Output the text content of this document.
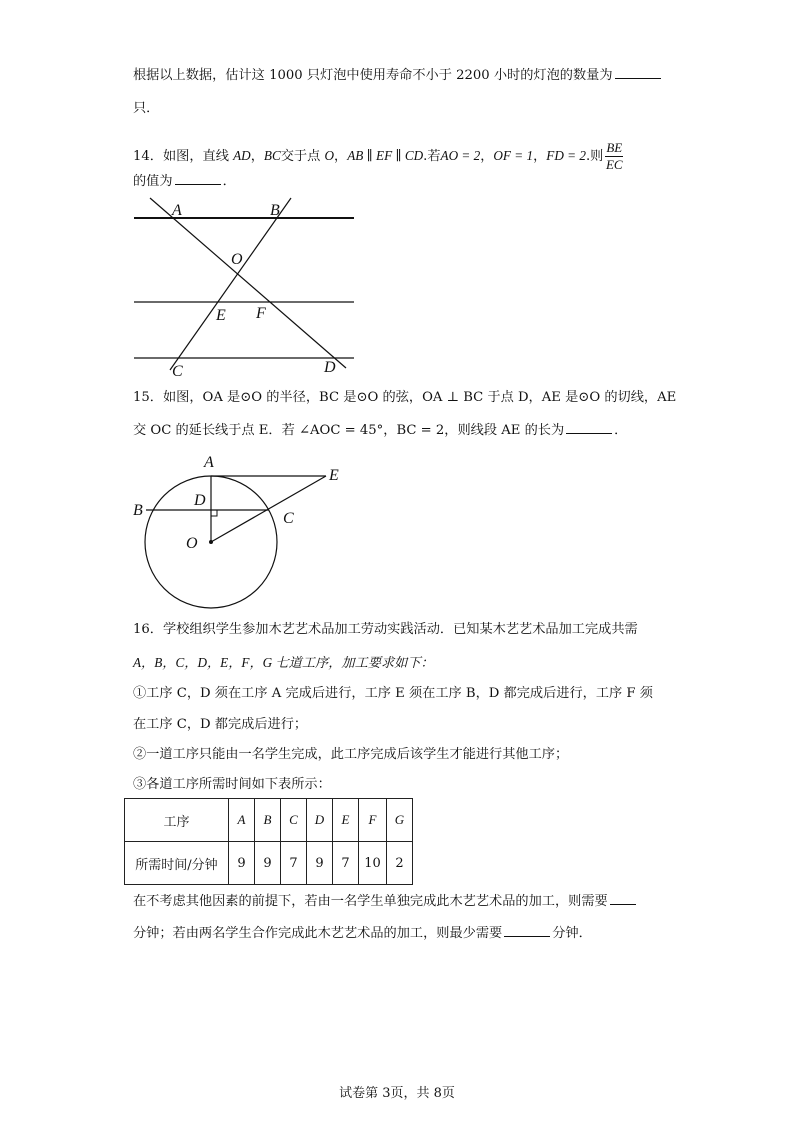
根据以上数据，估计这 1000 只灯泡中使用寿命不小于 2200 小时的灯泡的数量为
只．
14．如图，直线 AD，BC交于点 O，AB ∥ EF ∥ CD.若AO = 2，OF = 1，FD = 2.则 $\frac{BE}{EC}$
的值为	．
A	B
O
E F
C	D
15．如图，OA 是⊙O 的半径，BC 是⊙O 的弦，OA ⊥ BC 于点 D，AE 是⊙O 的切线，AE
交 OC 的延长线于点 E．若 ∠AOC = 45°，BC = 2，则线段 AE 的长为	．
A
E
B
D
C
O
16．学校组织学生参加木艺艺术品加工劳动实践活动．已知某木艺艺术品加工完成共需
A，B，C，D，E，F，G 七道工序，加工要求如下：
①工序 C，D 须在工序 A 完成后进行，工序 E 须在工序 B，D 都完成后进行，工序 F 须
在工序 C，D 都完成后进行；
②一道工序只能由一名学生完成，此工序完成后该学生才能进行其他工序；
③各道工序所需时间如下表所示：
工序	A	B	C	D	E	F	G
所需时间/分钟	9	9	7	9	7	10	2
在不考虑其他因素的前提下，若由一名学生单独完成此木艺艺术品的加工，则需要
分钟；若由两名学生合作完成此木艺艺术品的加工，则最少需要	分钟．
试卷第 3页，共 8页
